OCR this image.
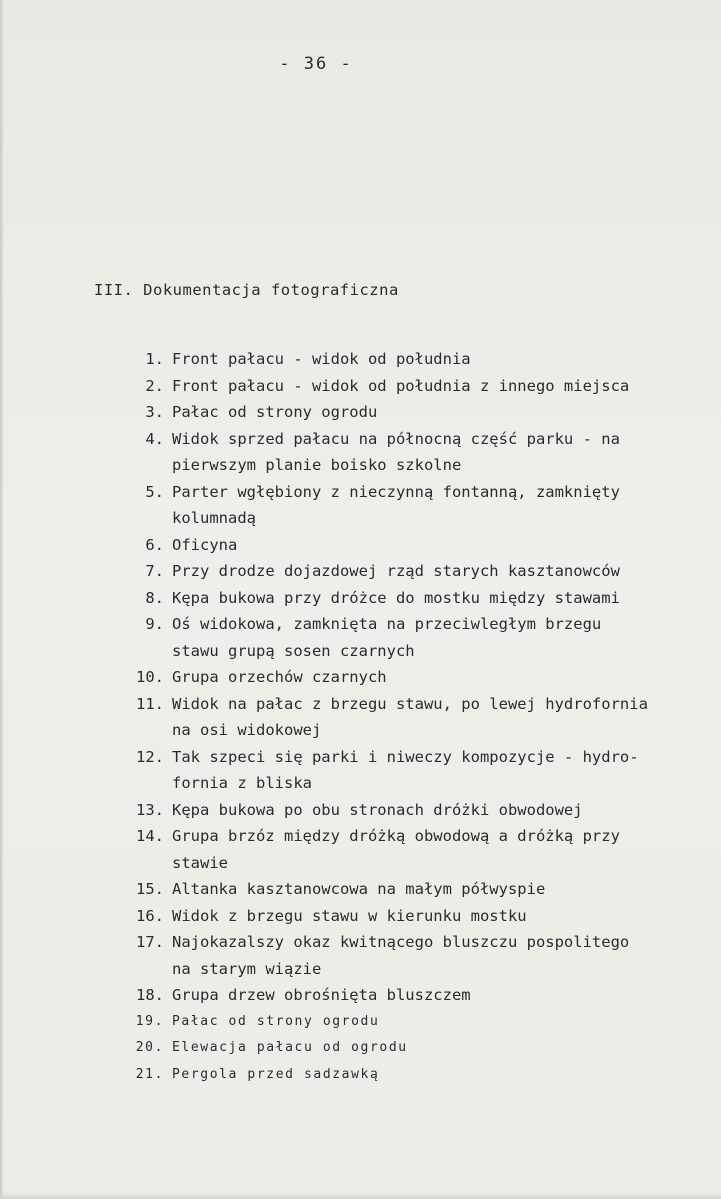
- 36 -
III. Dokumentacja fotograficzna
1. Front pałacu - widok od południa
2. Front pałacu - widok od południa z innego miejsca
3. Pałac od strony ogrodu
4. Widok sprzed pałacu na północną część parku - na
pierwszym planie boisko szkolne
5. Parter wgłębiony z nieczynną fontanną, zamknięty
kolumnadą
6. Oficyna
7. Przy drodze dojazdowej rząd starych kasztanowców
8. Kępa bukowa przy dróżce do mostku między stawami
9. Oś widokowa, zamknięta na przeciwległym brzegu
stawu grupą sosen czarnych
10. Grupa orzechów czarnych
11. Widok na pałac z brzegu stawu, po lewej hydrofornia
na osi widokowej
12. Tak szpeci się parki i niweczy kompozycje - hydro-
fornia z bliska
13. Kępa bukowa po obu stronach dróżki obwodowej
14. Grupa brzóz między dróżką obwodową a dróżką przy
stawie
15. Altanka kasztanowcowa na małym półwyspie
16. Widok z brzegu stawu w kierunku mostku
17. Najokazalszy okaz kwitnącego bluszczu pospolitego
na starym wiązie
18. Grupa drzew obrośnięta bluszczem
19. Pałac od strony ogrodu
20. Elewacja pałacu od ogrodu
21. Pergola przed sadzawką
